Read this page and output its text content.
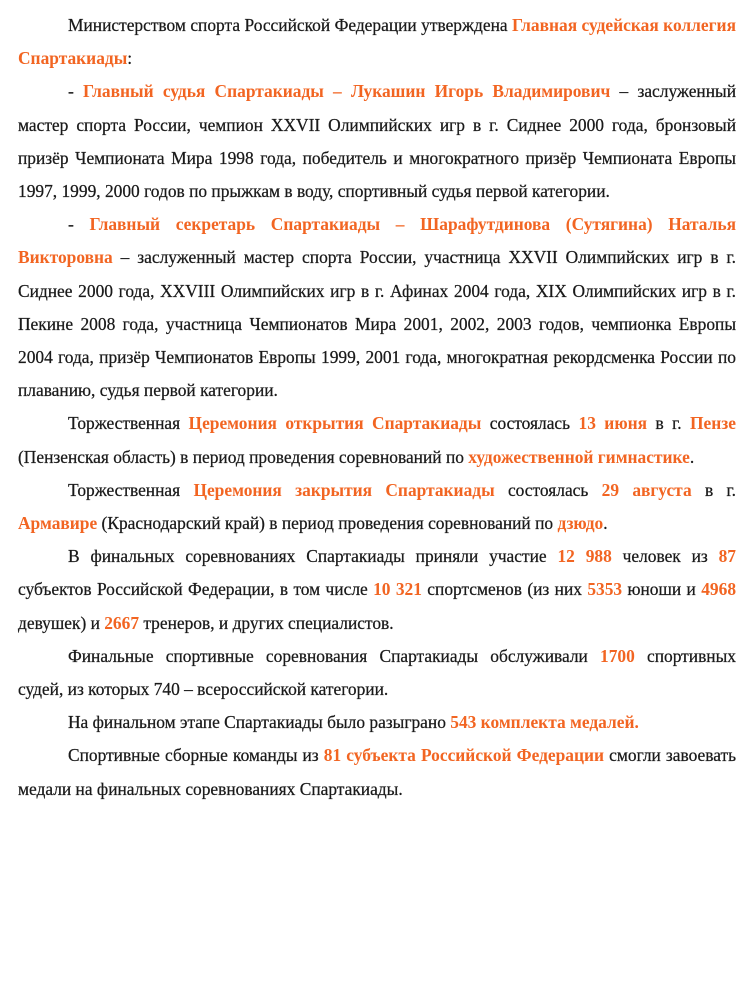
Министерством спорта Российской Федерации утверждена Главная судейская коллегия Спартакиады:

- Главный судья Спартакиады – Лукашин Игорь Владимирович – заслуженный мастер спорта России, чемпион XXVII Олимпийских игр в г. Сиднее 2000 года, бронзовый призёр Чемпионата Мира 1998 года, победитель и многократного призёр Чемпионата Европы 1997, 1999, 2000 годов по прыжкам в воду, спортивный судья первой категории.

- Главный секретарь Спартакиады – Шарафутдинова (Сутягина) Наталья Викторовна – заслуженный мастер спорта России, участница XXVII Олимпийских игр в г. Сиднее 2000 года, XXVIII Олимпийских игр в г. Афинах 2004 года, XIX Олимпийских игр в г. Пекине 2008 года, участница Чемпионатов Мира 2001, 2002, 2003 годов, чемпионка Европы 2004 года, призёр Чемпионатов Европы 1999, 2001 года, многократная рекордсменка России по плаванию, судья первой категории.

Торжественная Церемония открытия Спартакиады состоялась 13 июня в г. Пензе (Пензенская область) в период проведения соревнований по художественной гимнастике.

Торжественная Церемония закрытия Спартакиады состоялась 29 августа в г. Армавире (Краснодарский край) в период проведения соревнований по дзюдо.

В финальных соревнованиях Спартакиады приняли участие 12 988 человек из 87 субъектов Российской Федерации, в том числе 10 321 спортсменов (из них 5353 юноши и 4968 девушек) и 2667 тренеров, и других специалистов.

Финальные спортивные соревнования Спартакиады обслуживали 1700 спортивных судей, из которых 740 – всероссийской категории.

На финальном этапе Спартакиады было разыграно 543 комплекта медалей.

Спортивные сборные команды из 81 субъекта Российской Федерации смогли завоевать медали на финальных соревнованиях Спартакиады.
